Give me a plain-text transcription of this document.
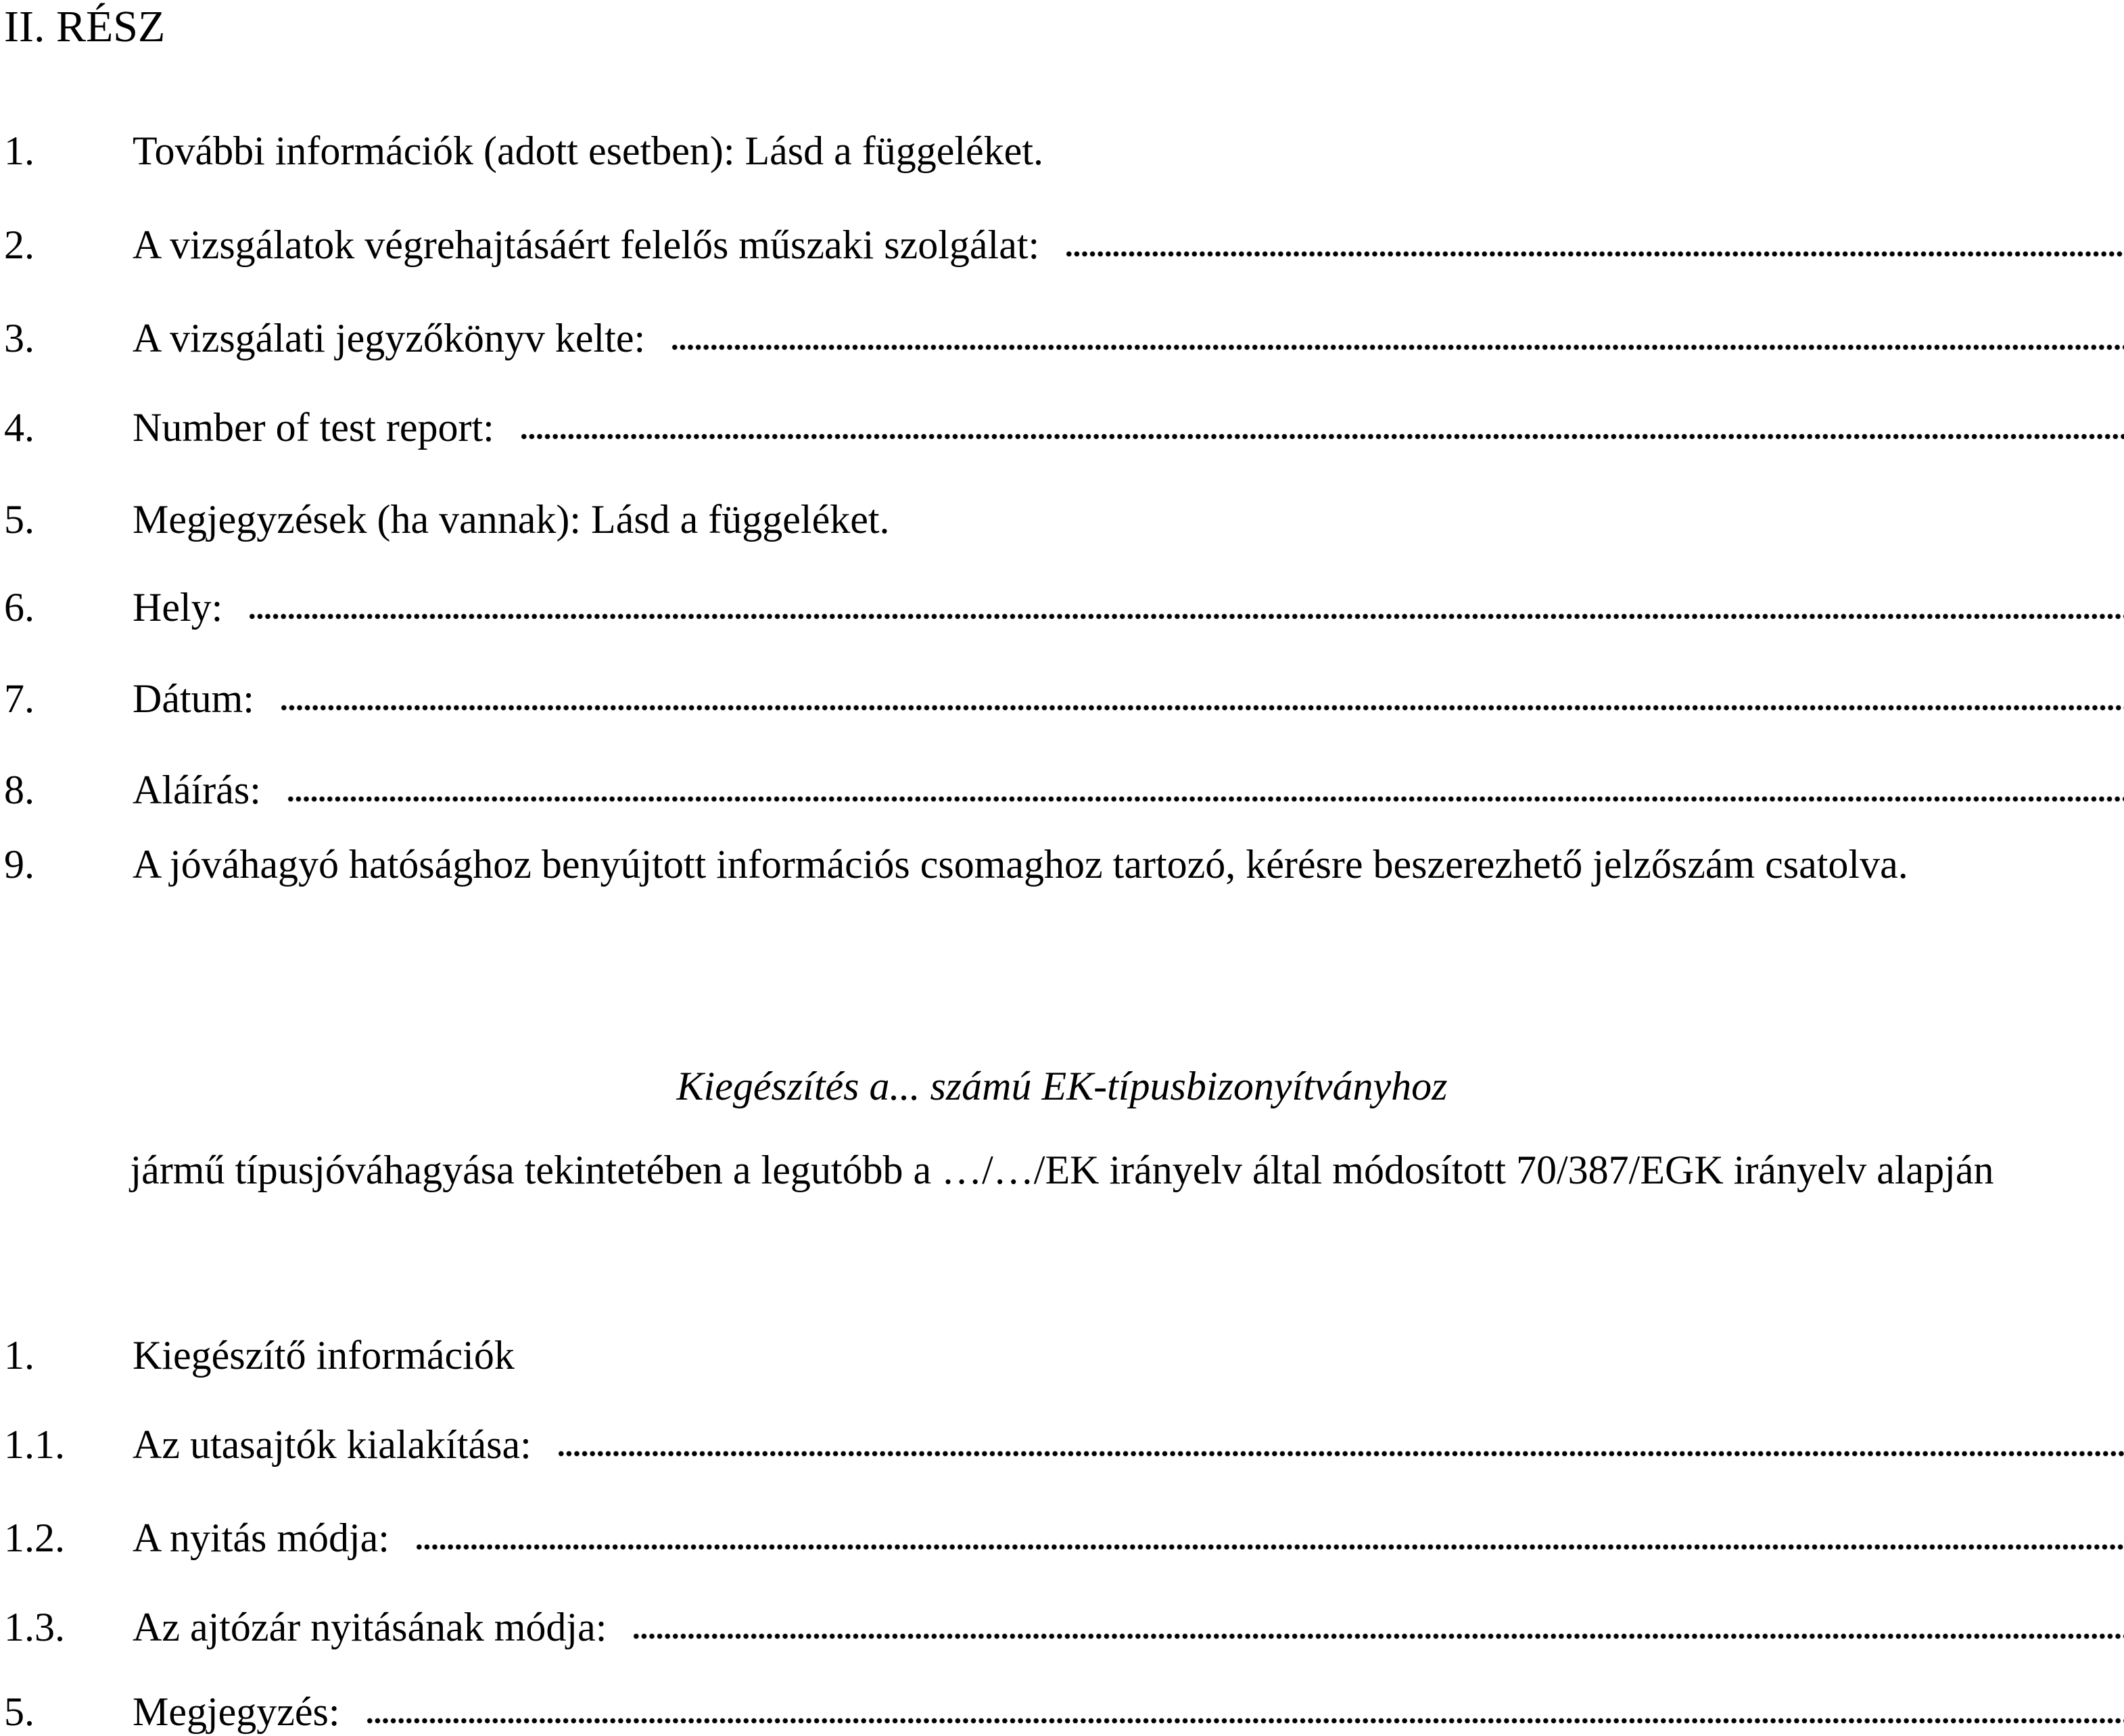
II. RÉSZ
1.	További információk (adott esetben): Lásd a függeléket.
2.	A vizsgálatok végrehajtásáért felelős műszaki szolgálat:
3.	A vizsgálati jegyzőkönyv kelte:
4.	Number of test report:
5.	Megjegyzések (ha vannak): Lásd a függeléket.
6.	Hely:
7.	Dátum:
8.	Aláírás:
9.	A jóváhagyó hatósághoz benyújtott információs csomaghoz tartozó, kérésre beszerezhető jelzőszám csatolva.
Kiegészítés a... számú EK-típusbizonyítványhoz
jármű típusjóváhagyása tekintetében a legutóbb a …/…/EK irányelv által módosított 70/387/EGK irányelv alapján
1.	Kiegészítő információk
1.1.	Az utasajtók kialakítása:
1.2.	A nyitás módja:
1.3.	Az ajtózár nyitásának módja:
5.	Megjegyzés:
